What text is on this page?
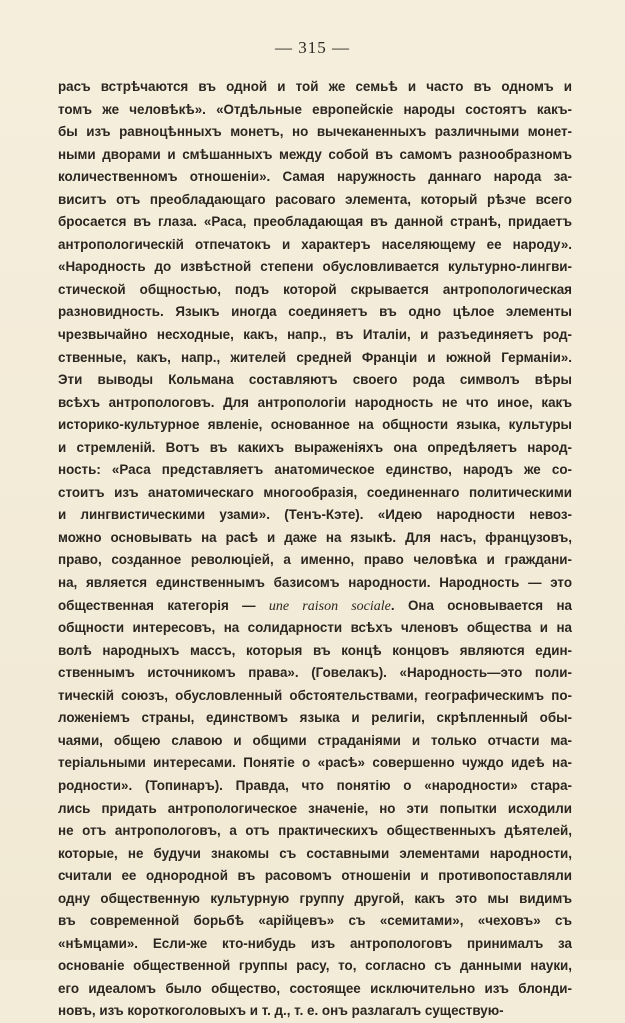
— 315 —
расъ встрѣчаются въ одной и той же семьѣ и часто въ одномъ и
томъ же человѣкѣ». «Отдѣльные европейскіе народы состоятъ какъ-
бы изъ равноцѣнныхъ монетъ, но вычеканенныхъ различными монет-
ными дворами и смѣшанныхъ между собой въ самомъ разнообразномъ
количественномъ отношеніи». Самая наружность даннаго народа за-
виситъ отъ преобладающаго расоваго элемента, который рѣзче всего
бросается въ глаза. «Раса, преобладающая въ данной странѣ, придаетъ
антропологическій отпечатокъ и характеръ населяющему ее народу».
«Народность до извѣстной степени обусловливается культурно-лингви-
стической общностью, подъ которой скрывается антропологическая
разновидность. Языкъ иногда соединяетъ въ одно цѣлое элементы
чрезвычайно несходные, какъ, напр., въ Италіи, и разъединяетъ род-
ственные, какъ, напр., жителей средней Франціи и южной Германіи».
Эти выводы Кольмана составляютъ своего рода символъ вѣры
всѣхъ антропологовъ. Для антропологіи народность не что иное, какъ
историко-культурное явленіе, основанное на общности языка, культуры
и стремленій. Вотъ въ какихъ выраженіяхъ она опредѣляетъ народ-
ность: «Раса представляетъ анатомическое единство, народъ же со-
стоитъ изъ анатомическаго многообразія, соединеннаго политическими
и лингвистическими узами». (Тенъ-Кэте). «Идею народности невоз-
можно основывать на расѣ и даже на языкѣ. Для насъ, французовъ,
право, созданное революціей, а именно, право человѣка и граждани-
на, является единственнымъ базисомъ народности. Народность — это
общественная категорія — une raison sociale. Она основывается на
общности интересовъ, на солидарности всѣхъ членовъ общества и на
волѣ народныхъ массъ, которыя въ концѣ концовъ являются един-
ственнымъ источникомъ права». (Говелакъ). «Народность—это поли-
тическій союзъ, обусловленный обстоятельствами, географическимъ по-
ложеніемъ страны, единствомъ языка и религіи, скрѣпленный обы-
чаями, общею славою и общими страданіями и только отчасти ма-
теріальными интересами. Понятіе о «расѣ» совершенно чуждо идеѣ на-
родности». (Топинаръ). Правда, что понятію о «народности» стара-
лись придать антропологическое значеніе, но эти попытки исходили
не отъ антропологовъ, а отъ практическихъ общественныхъ дѣятелей,
которые, не будучи знакомы съ составными элементами народности,
считали ее однородной въ расовомъ отношеніи и противопоставляли
одну общественную культурную группу другой, какъ это мы видимъ
въ современной борьбѣ «арійцевъ» съ «семитами», «чеховъ» съ
«нѣмцами». Если-же кто-нибудь изъ антропологовъ принималъ за
основаніе общественной группы расу, то, согласно съ данными науки,
его идеаломъ было общество, состоящее исключительно изъ блонди-
новъ, изъ короткоголовыхъ и т. д., т. е. онъ разлагалъ существую-
